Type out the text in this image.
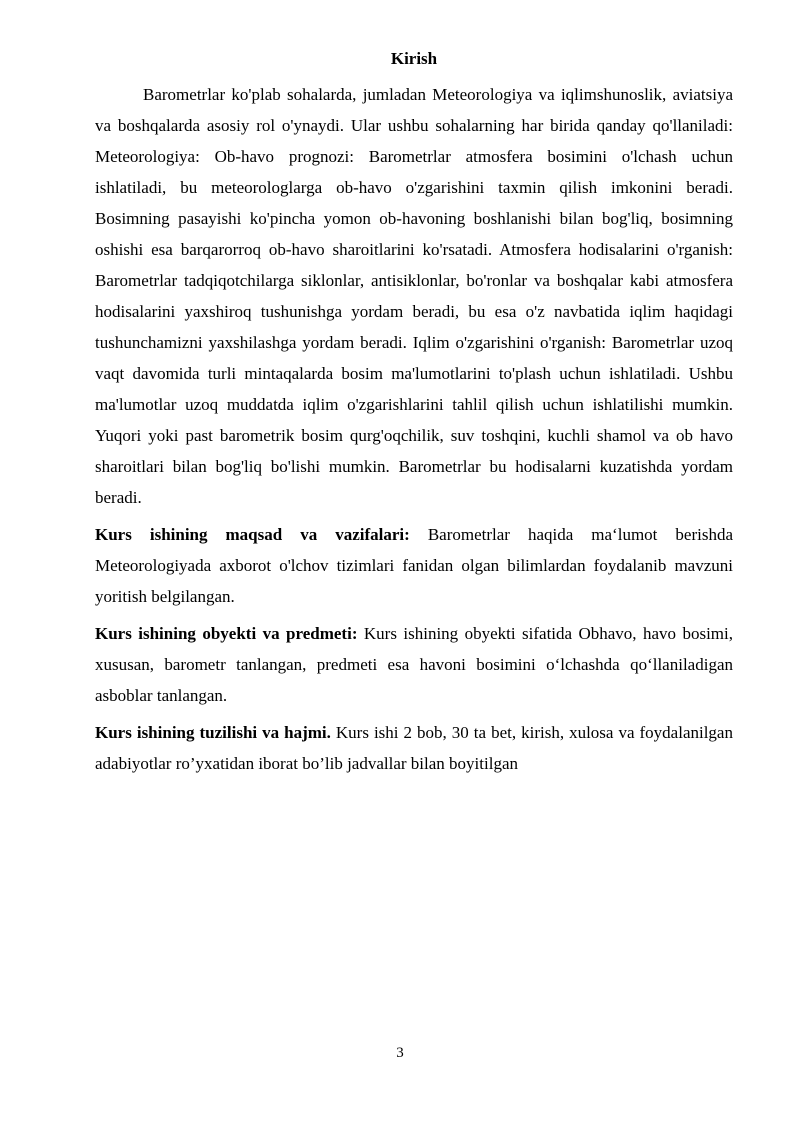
Kirish

Barometrlar ko'plab sohalarda, jumladan Meteorologiya va iqlimshunoslik, aviatsiya va boshqalarda asosiy rol o'ynaydi. Ular ushbu sohalarning har birida qanday qo'llaniladi: Meteorologiya: Ob-havo prognozi: Barometrlar atmosfera bosimini o'lchash uchun ishlatiladi, bu meteorologlarga ob-havo o'zgarishini taxmin qilish imkonini beradi. Bosimning pasayishi ko'pincha yomon ob-havoning boshlanishi bilan bog'liq, bosimning oshishi esa barqarorroq ob-havo sharoitlarini ko'rsatadi. Atmosfera hodisalarini o'rganish: Barometrlar tadqiqotchilarga siklonlar, antisiklonlar, bo'ronlar va boshqalar kabi atmosfera hodisalarini yaxshiroq tushunishga yordam beradi, bu esa o'z navbatida iqlim haqidagi tushunchamizni yaxshilashga yordam beradi. Iqlim o'zgarishini o'rganish: Barometrlar uzoq vaqt davomida turli mintaqalarda bosim ma'lumotlarini to'plash uchun ishlatiladi. Ushbu ma'lumotlar uzoq muddatda iqlim o'zgarishlarini tahlil qilish uchun ishlatilishi mumkin. Yuqori yoki past barometrik bosim qurg'oqchilik, suv toshqini, kuchli shamol va ob havo sharoitlari bilan bog'liq bo'lishi mumkin. Barometrlar bu hodisalarni kuzatishda yordam beradi.

Kurs ishining maqsad va vazifalari: Barometrlar haqida maʻlumot berishda Meteorologiyada axborot o'lchov tizimlari fanidan olgan bilimlardan foydalanib mavzuni yoritish belgilangan.

Kurs ishining obyekti va predmeti: Kurs ishining obyekti sifatida Obhavo, havo bosimi, xususan, barometr tanlangan, predmeti esa havoni bosimini oʻlchashda qoʻllaniladigan asboblar tanlangan.

Kurs ishining tuzilishi va hajmi. Kurs ishi 2 bob, 30 ta bet, kirish, xulosa va foydalanilgan adabiyotlar ro’yxatidan iborat bo’lib jadvallar bilan boyitilgan

3
